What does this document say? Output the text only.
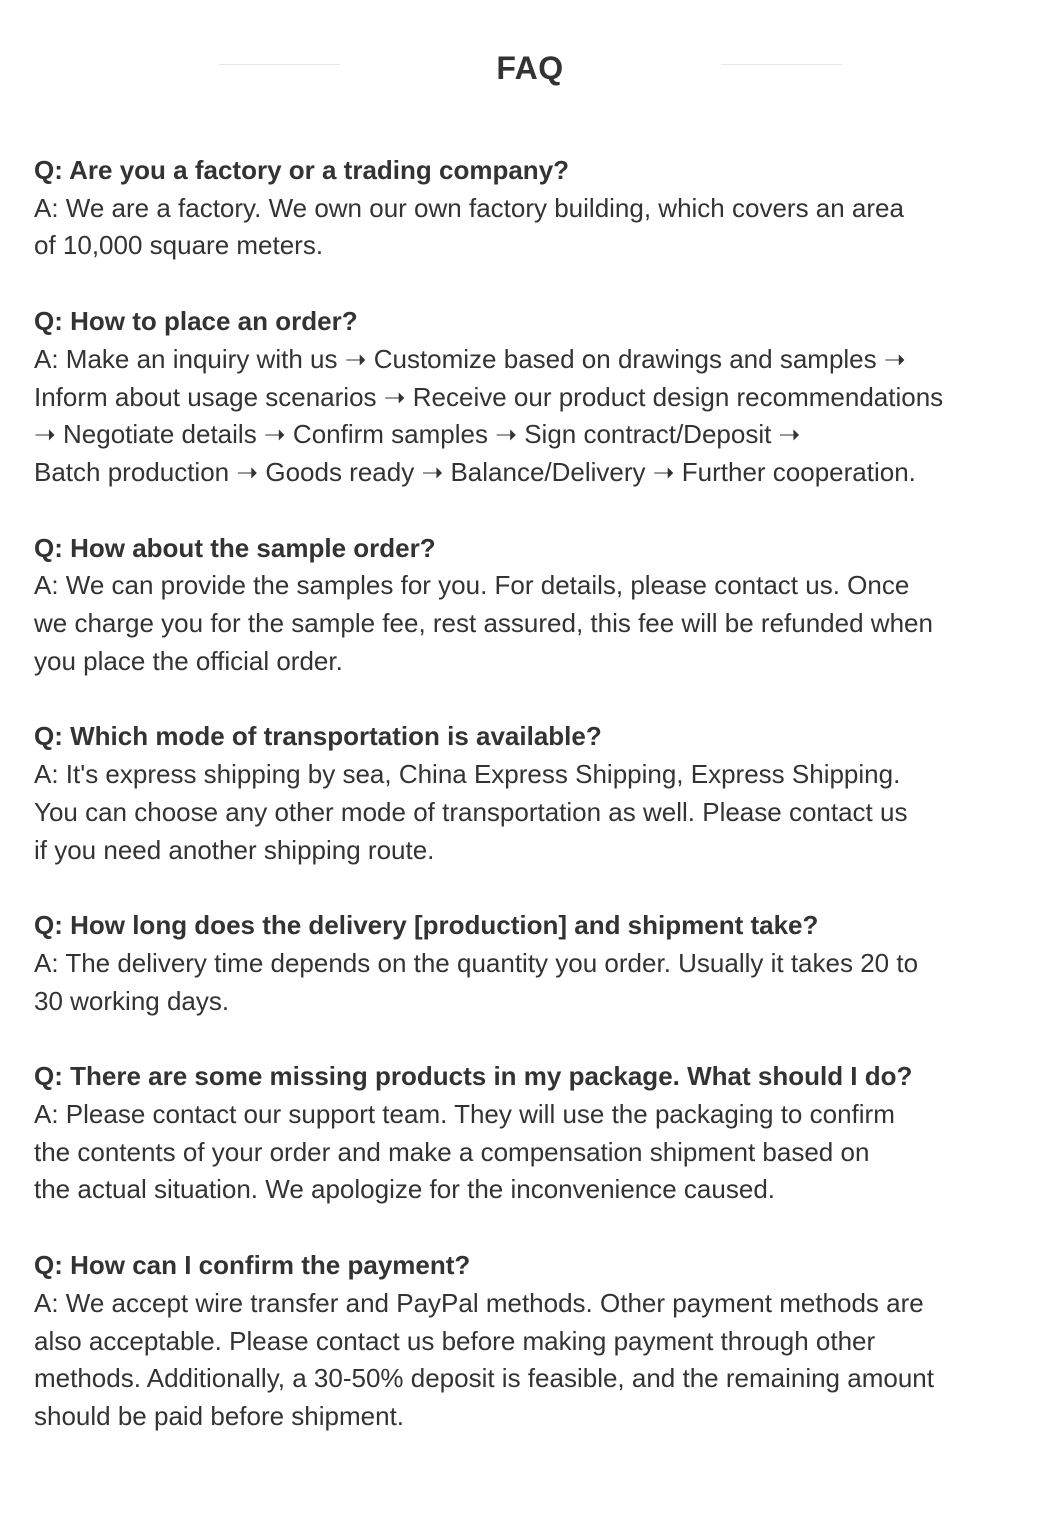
FAQ

Q: Are you a factory or a trading company?

A: We are a factory. We own our own factory building, which covers an area
of 10,000 square meters.

Q: How to place an order?

A: Make an inquiry with us ➝ Customize based on drawings and samples ➝
Inform about usage scenarios ➝ Receive our product design recommendations
➝ Negotiate details ➝ Confirm samples ➝ Sign contract/Deposit ➝
Batch production ➝ Goods ready ➝ Balance/Delivery ➝ Further cooperation.

Q: How about the sample order?

A: We can provide the samples for you. For details, please contact us. Once
we charge you for the sample fee, rest assured, this fee will be refunded when
you place the official order.

Q: Which mode of transportation is available?

A: It's express shipping by sea, China Express Shipping, Express Shipping.
You can choose any other mode of transportation as well. Please contact us
if you need another shipping route.

Q: How long does the delivery [production] and shipment take?

A: The delivery time depends on the quantity you order. Usually it takes 20 to
30 working days.

Q: There are some missing products in my package. What should I do?

A: Please contact our support team. They will use the packaging to confirm
the contents of your order and make a compensation shipment based on
the actual situation. We apologize for the inconvenience caused.

Q: How can I confirm the payment?

A: We accept wire transfer and PayPal methods. Other payment methods are
also acceptable. Please contact us before making payment through other
methods. Additionally, a 30-50% deposit is feasible, and the remaining amount
should be paid before shipment.
